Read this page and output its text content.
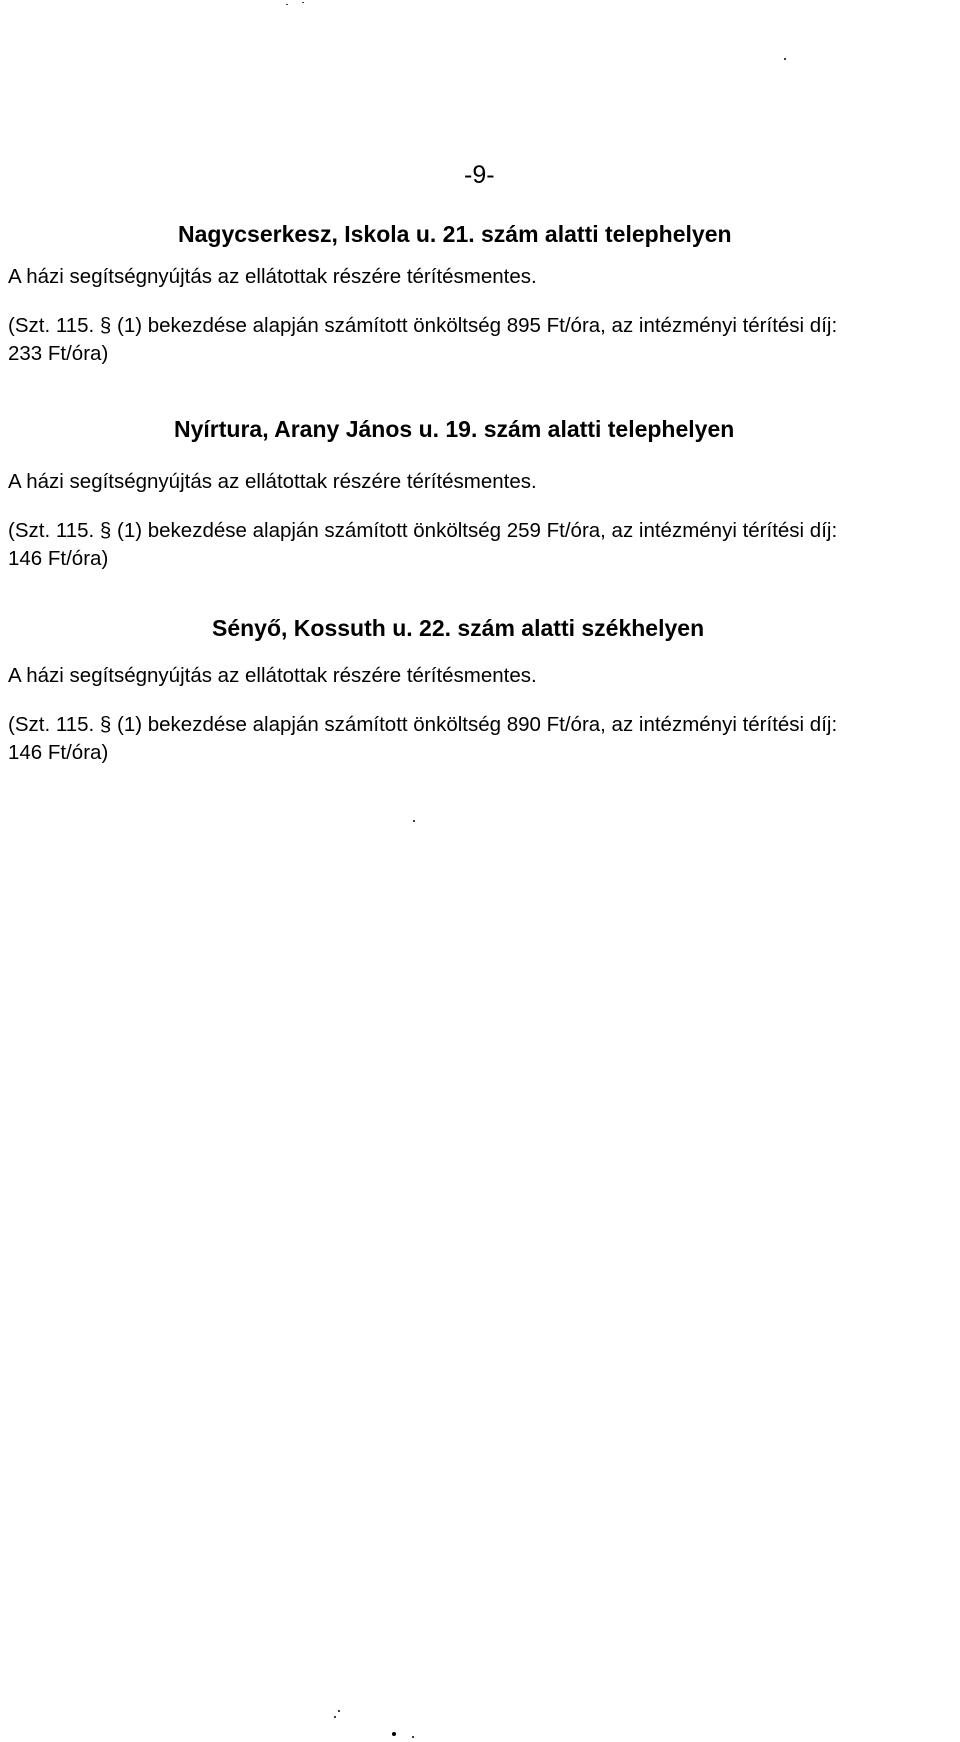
-9-
Nagycserkesz, Iskola u. 21. szám alatti telephelyen
A házi segítségnyújtás az ellátottak részére térítésmentes.
(Szt. 115. § (1) bekezdése alapján számított önköltség 895 Ft/óra, az intézményi térítési díj:
233 Ft/óra)
Nyírtura, Arany János u. 19. szám alatti telephelyen
A házi segítségnyújtás az ellátottak részére térítésmentes.
(Szt. 115. § (1) bekezdése alapján számított önköltség 259 Ft/óra, az intézményi térítési díj:
146 Ft/óra)
Sényő, Kossuth u. 22. szám alatti székhelyen
A házi segítségnyújtás az ellátottak részére térítésmentes.
(Szt. 115. § (1) bekezdése alapján számított önköltség 890 Ft/óra, az intézményi térítési díj:
146 Ft/óra)
